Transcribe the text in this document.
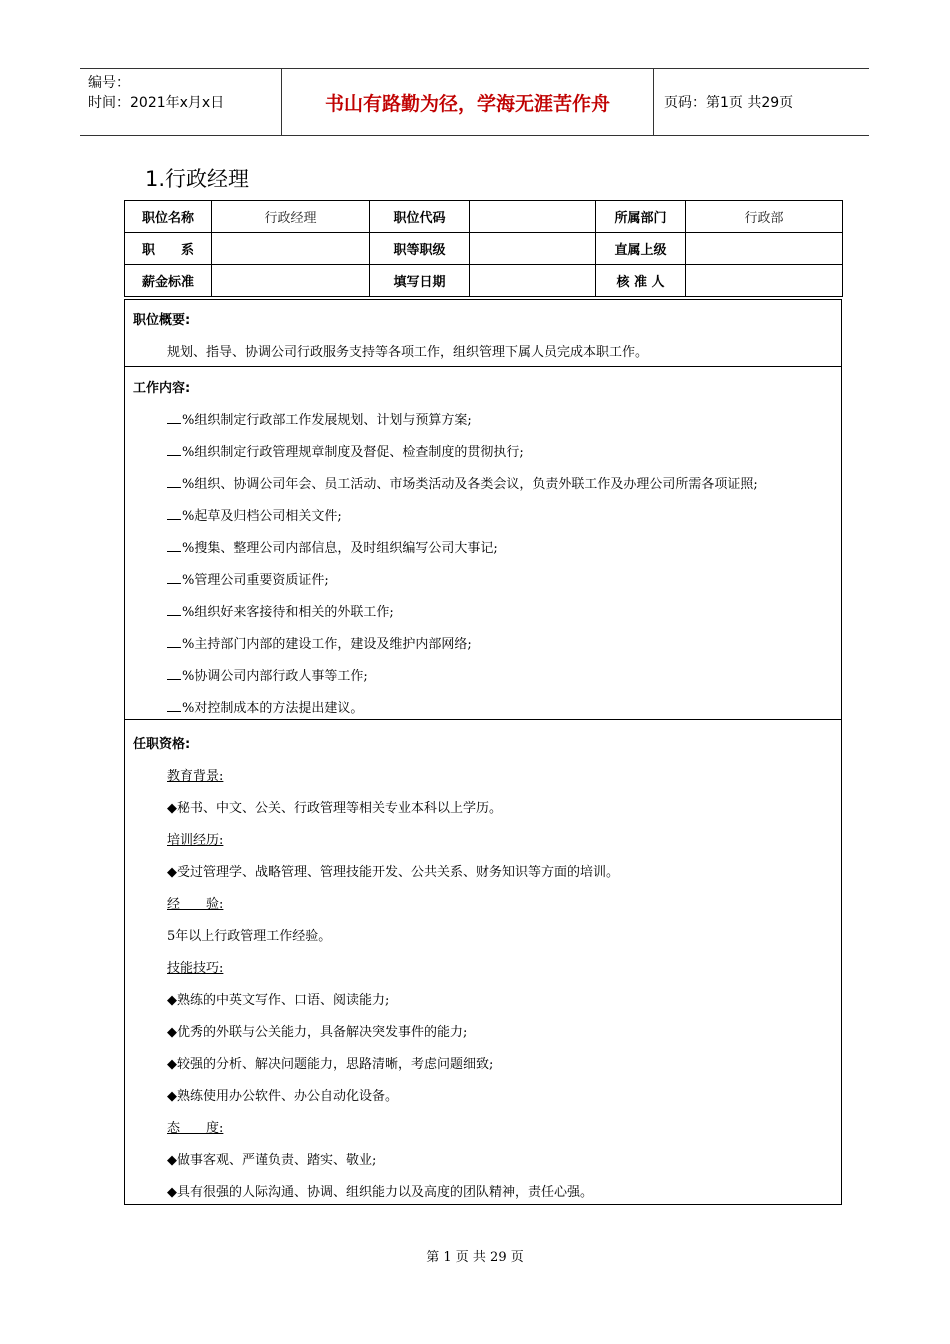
编号：
时间：2021年x月x日	书山有路勤为径，学海无涯苦作舟	页码：第1页 共29页
1.行政经理
职位名称	行政经理	职位代码		所属部门	行政部
职　　系		职等职级		直属上级	
薪金标准		填写日期		核 准 人	
职位概要:
规划、指导、协调公司行政服务支持等各项工作，组织管理下属人员完成本职工作。
工作内容:
%组织制定行政部工作发展规划、计划与预算方案;
%组织制定行政管理规章制度及督促、检查制度的贯彻执行;
%组织、协调公司年会、员工活动、市场类活动及各类会议，负责外联工作及办理公司所需各项证照;
%起草及归档公司相关文件;
%搜集、整理公司内部信息，及时组织编写公司大事记;
%管理公司重要资质证件;
%组织好来客接待和相关的外联工作;
%主持部门内部的建设工作，建设及维护内部网络;
%协调公司内部行政人事等工作;
%对控制成本的方法提出建议。
任职资格:
教育背景:
◆秘书、中文、公关、行政管理等相关专业本科以上学历。
培训经历:
◆受过管理学、战略管理、管理技能开发、公共关系、财务知识等方面的培训。
经　　验:
5年以上行政管理工作经验。
技能技巧:
◆熟练的中英文写作、口语、阅读能力;
◆优秀的外联与公关能力，具备解决突发事件的能力;
◆较强的分析、解决问题能力，思路清晰，考虑问题细致;
◆熟练使用办公软件、办公自动化设备。
态　　度:
◆做事客观、严谨负责、踏实、敬业;
◆具有很强的人际沟通、协调、组织能力以及高度的团队精神，责任心强。
第 1 页 共 29 页
